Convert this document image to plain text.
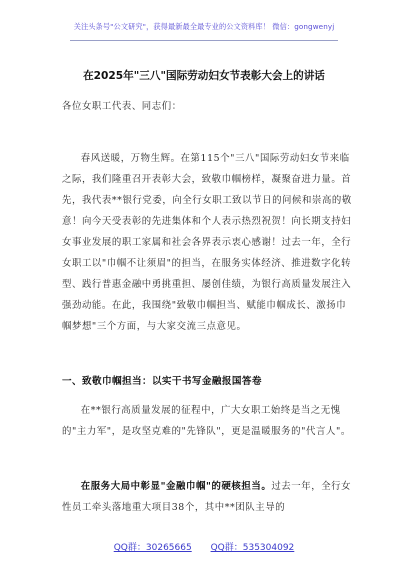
关注头条号"公文研究"，获得最新最全最专业的公文资料库！ 微信：gongwenyj
在2025年"三八"国际劳动妇女节表彰大会上的讲话
各位女职工代表、同志们：
春风送暖，万物生辉。在第115个"三八"国际劳动妇女节来临之际，我们隆重召开表彰大会，致敬巾帼榜样，凝聚奋进力量。首先，我代表**银行党委，向全行女职工致以节日的问候和崇高的敬意！向今天受表彰的先进集体和个人表示热烈祝贺！向长期支持妇女事业发展的职工家属和社会各界表示衷心感谢！过去一年，全行女职工以"巾帼不让须眉"的担当，在服务实体经济、推进数字化转型、践行普惠金融中勇挑重担、屡创佳绩，为银行高质量发展注入强劲动能。在此，我围绕"致敬巾帼担当、赋能巾帼成长、激扬巾帼梦想"三个方面，与大家交流三点意见。
一、致敬巾帼担当：以实干书写金融报国答卷
在**银行高质量发展的征程中，广大女职工始终是当之无愧的"主力军"，是攻坚克难的"先锋队"，更是温暖服务的"代言人"。
在服务大局中彰显"金融巾帼"的硬核担当。过去一年，全行女性员工牵头落地重大项目38个，其中**团队主导的
QQ群：30265665 QQ群：535304092
